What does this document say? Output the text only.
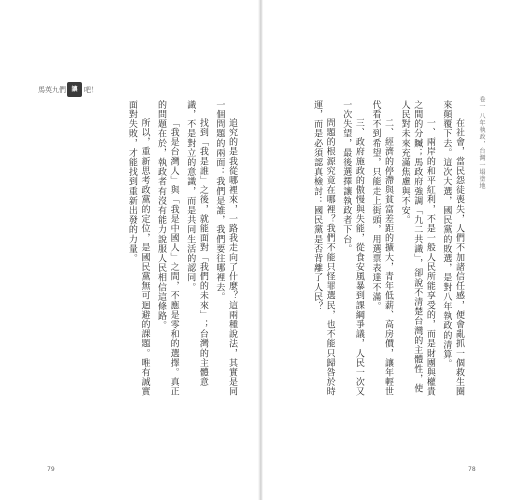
馬英九們 讓 吧！
卷一 八年執政，台灣一塌塗地

在社會，當民怨徒喪失，人們不加諸信任感，便會亂抓一個救生圈來顛覆下去。這次大選，國民黨的敗選，是對八年執政的清算。

一、兩岸的和平紅利，不是一般人民所能享受的，而是財團與權貴之間的分贓；馬政府強調「九二共識」，卻說不清楚台灣的主體性，使人民對未來充滿焦慮與不安。

二、經濟的停滯與貧富差距的擴大，青年低薪、高房價，讓年輕世代看不到希望，只能走上街頭，用選票表達不滿。

三、政府施政的傲慢與失能，從食安風暴到課綱爭議，人民一次又一次失望，最後選擇讓執政者下台。

問題的根源究竟在哪裡？我們不能只怪罪選民，也不能只歸咎於時運，而是必須認真檢討：國民黨是否背離了人民？

追究的是我從哪裡來，一路我走向了什麼？這兩種說法，其實是同一個問題的兩面：我們是誰，我們要往哪裡去。

找到「我是誰」之後，就能面對「我們的未來」；台灣的主體意識，不是對立的意識，而是共同生活的認同。

「我是台灣人」與「我是中國人」之間，不應是零和的選擇。真正的問題在於，執政者有沒有能力說服人民相信這條路。

所以，重新思考政黨的定位，是國民黨無可迴避的課題。唯有誠實面對失敗，才能找到重新出發的力量。

79	78
